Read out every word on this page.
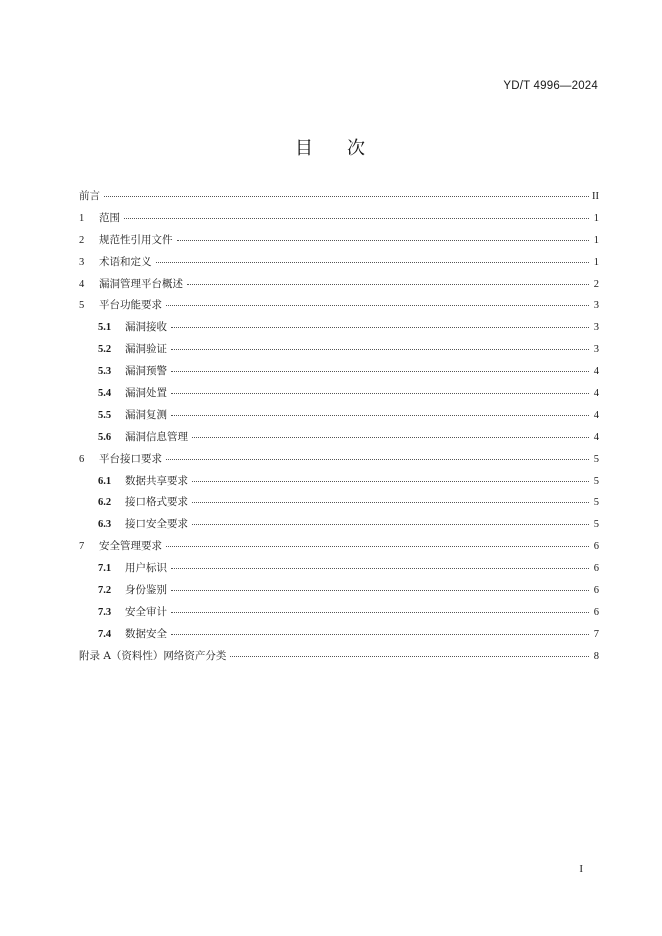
YD/T 4996—2024
目 次
前言	II
1	范围	1
2	规范性引用文件	1
3	术语和定义	1
4	漏洞管理平台概述	2
5	平台功能要求	3
5.1	漏洞接收	3
5.2	漏洞验证	3
5.3	漏洞预警	4
5.4	漏洞处置	4
5.5	漏洞复测	4
5.6	漏洞信息管理	4
6	平台接口要求	5
6.1	数据共享要求	5
6.2	接口格式要求	5
6.3	接口安全要求	5
7	安全管理要求	6
7.1	用户标识	6
7.2	身份鉴别	6
7.3	安全审计	6
7.4	数据安全	7
附录 A（资料性）网络资产分类	8
I
